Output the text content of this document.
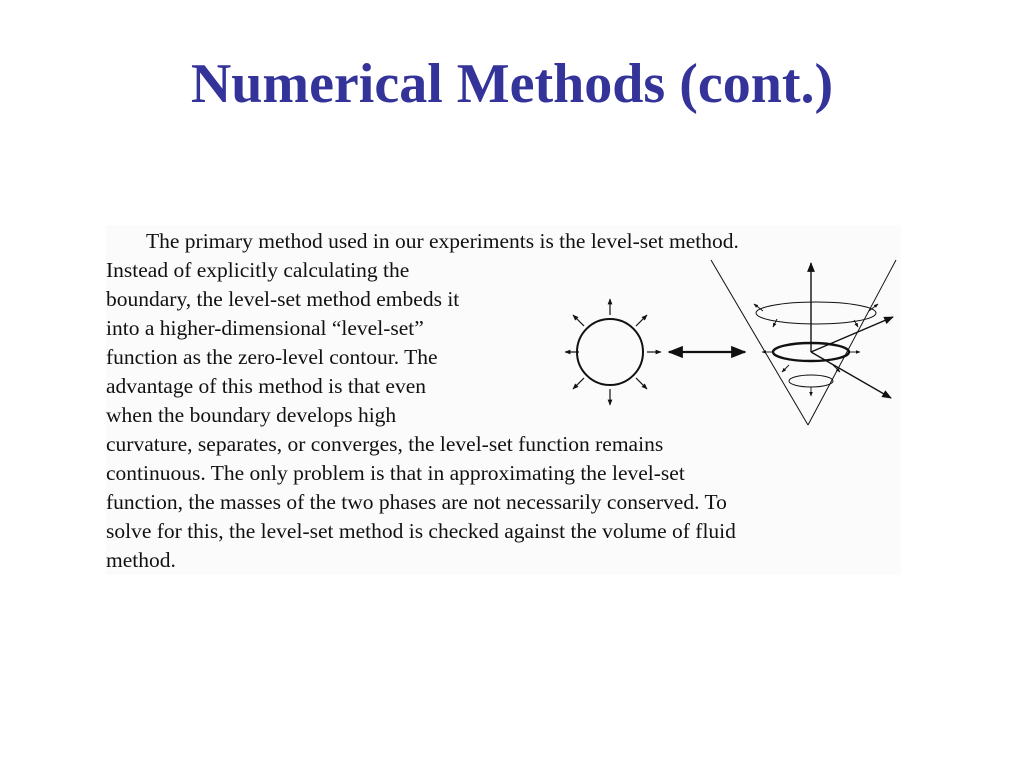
Numerical Methods (cont.)
The primary method used in our experiments is the level-set method.
Instead of explicitly calculating the
boundary, the level-set method embeds it
into a higher-dimensional “level-set”
function as the zero-level contour. The
advantage of this method is that even
when the boundary develops high
curvature, separates, or converges, the level-set function remains
continuous. The only problem is that in approximating the level-set
function, the masses of the two phases are not necessarily conserved. To
solve for this, the level-set method is checked against the volume of fluid
method.
